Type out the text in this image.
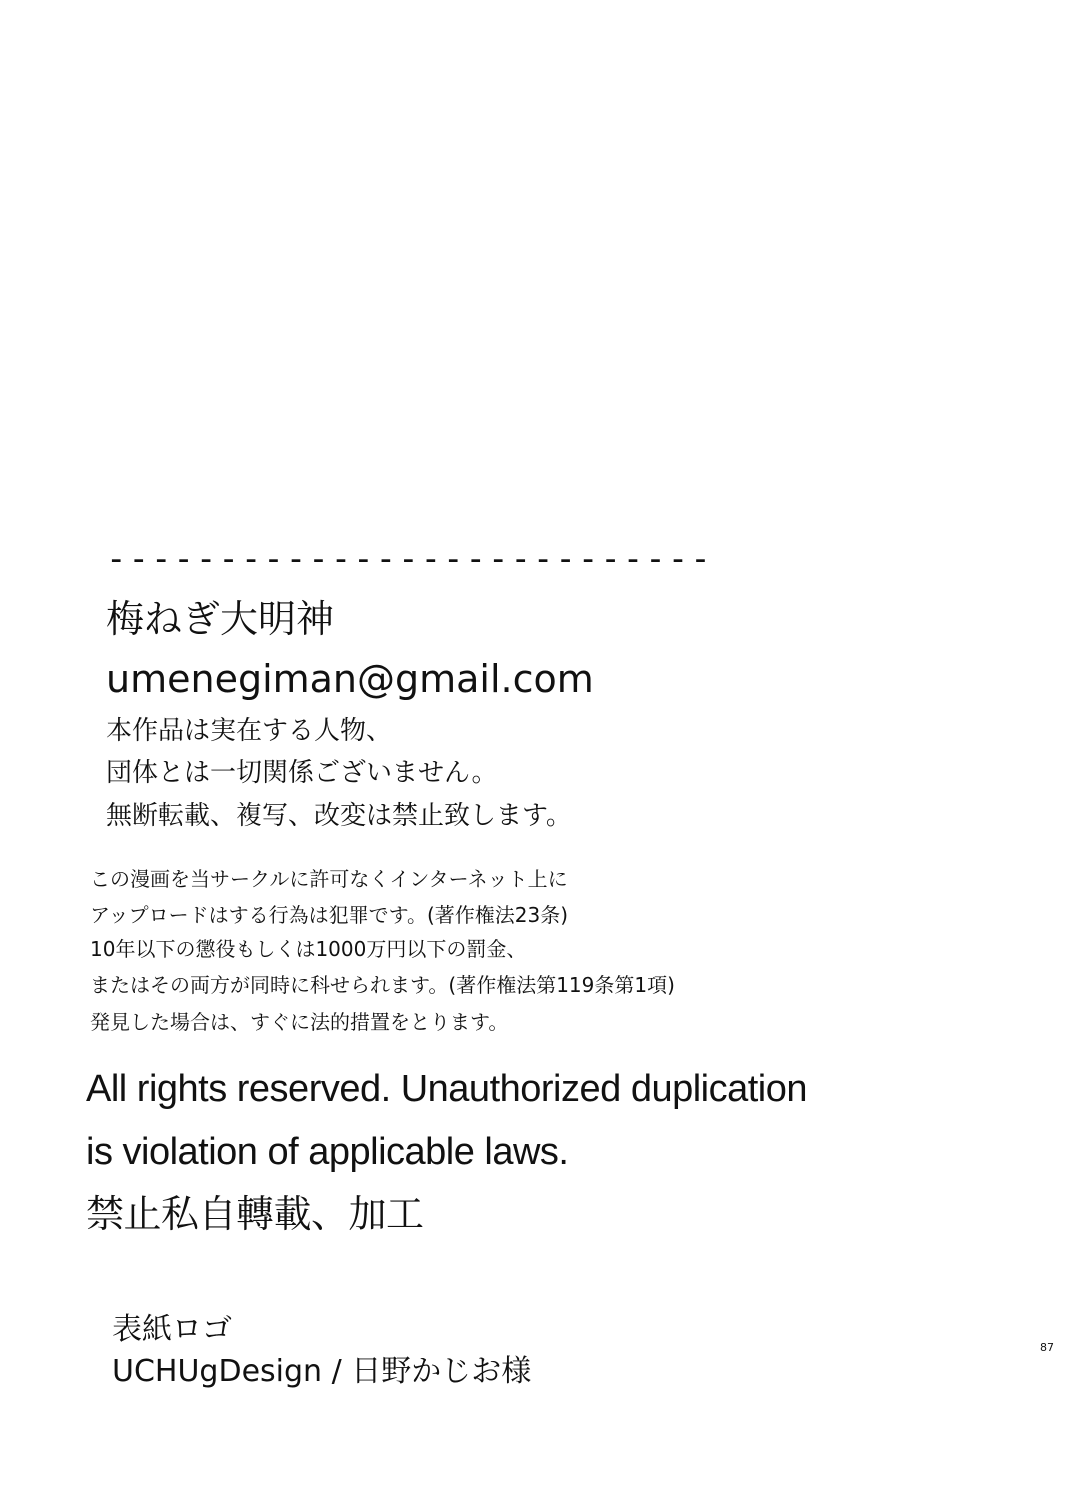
---------------------------
梅ねぎ大明神
umenegiman@gmail.com
本作品は実在する人物、
団体とは一切関係ございません。
無断転載、複写、改変は禁止致します。
この漫画を当サークルに許可なくインターネット上に
アップロードはする行為は犯罪です。(著作権法23条)
10年以下の懲役もしくは1000万円以下の罰金、
またはその両方が同時に科せられます。(著作権法第119条第1項)
発見した場合は、すぐに法的措置をとります。
All rights reserved. Unauthorized duplication
is violation of applicable laws.
禁止私自轉載、加工
表紙ロゴ
UCHUgDesign / 日野かじお様
87
